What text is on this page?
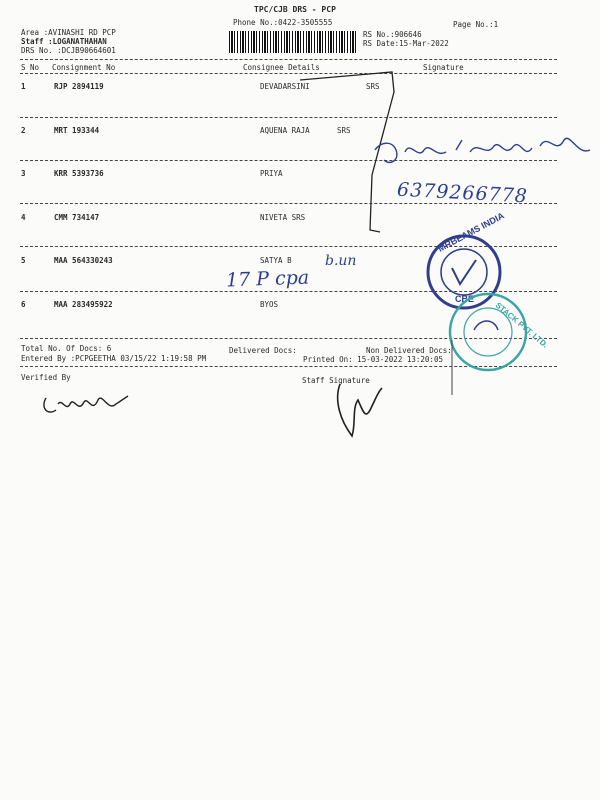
TPC/CJB DRS - PCP
Phone No.:0422-3505555	Page No.:1
Area :AVINASHI RD PCP
Staff :LOGANATHAHAN
DRS No. :DCJB90664601
RS No.:906646
RS Date:15-Mar-2022
S No Consignment No	Consignee Details	Signature
1	RJP 2894119	DEVADARSINI	SRS
2	MRT 193344	AQUENA RAJA	SRS
3	KRR 5393736	PRIYA
4	CMM 734147	NIVETA SRS
5	MAA 564330243	SATYA B
6	MAA 283495922	BYOS
Total No. Of Docs: 6	Delivered Docs:	Non Delivered Docs:
Entered By :PCPGEETHA 03/15/22 1:19:58 PM	Printed On: 15-03-2022 13:20:05
Verified By	Staff Signature
6379266778
17 P cpa
b.un
MRBEAMS INDIA
CBE
STACK PVT. LTD.
